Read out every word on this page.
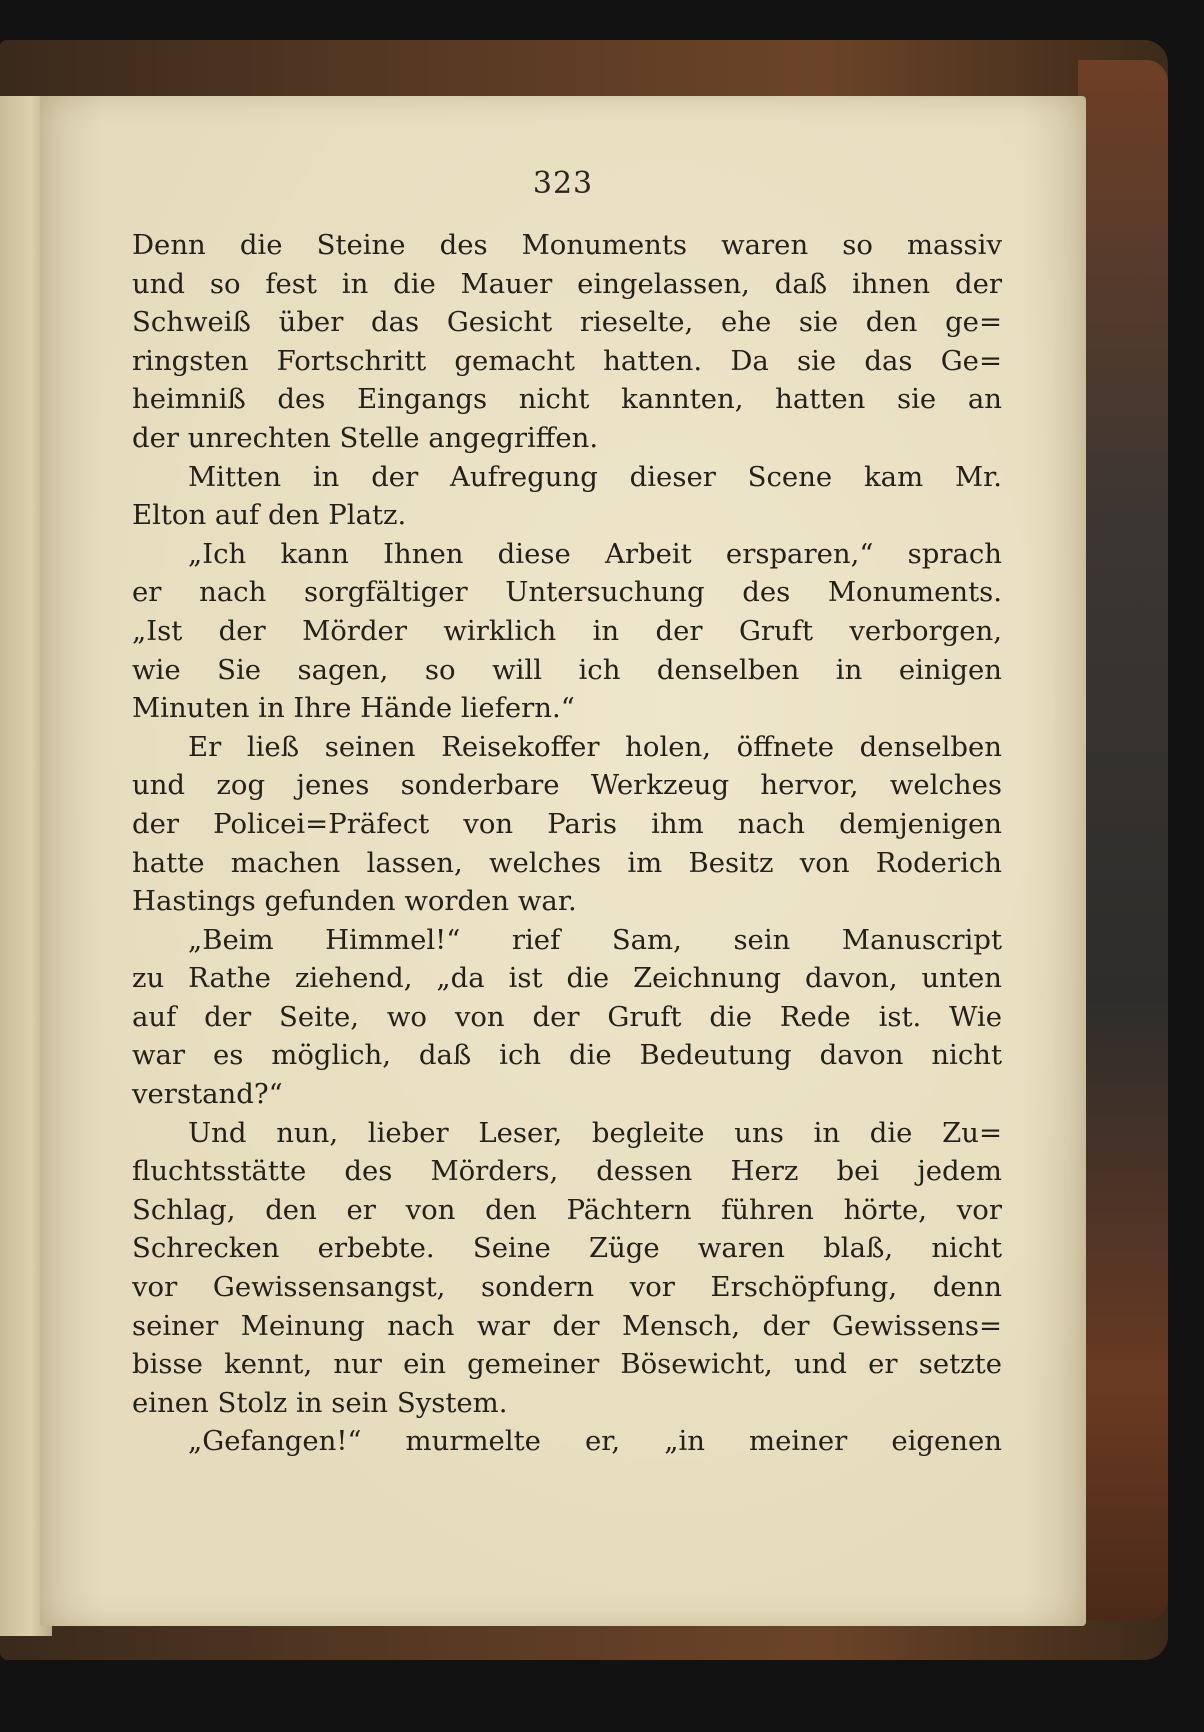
323
Denn die Steine des Monuments waren so massiv
und so fest in die Mauer eingelassen, daß ihnen der
Schweiß über das Gesicht rieselte, ehe sie den ge=
ringsten Fortschritt gemacht hatten. Da sie das Ge=
heimniß des Eingangs nicht kannten, hatten sie an
der unrechten Stelle angegriffen.
Mitten in der Aufregung dieser Scene kam Mr.
Elton auf den Platz.
„Ich kann Ihnen diese Arbeit ersparen,“ sprach
er nach sorgfältiger Untersuchung des Monuments.
„Ist der Mörder wirklich in der Gruft verborgen,
wie Sie sagen, so will ich denselben in einigen
Minuten in Ihre Hände liefern.“
Er ließ seinen Reisekoffer holen, öffnete denselben
und zog jenes sonderbare Werkzeug hervor, welches
der Policei=Präfect von Paris ihm nach demjenigen
hatte machen lassen, welches im Besitz von Roderich
Hastings gefunden worden war.
„Beim Himmel!“ rief Sam, sein Manuscript
zu Rathe ziehend, „da ist die Zeichnung davon, unten
auf der Seite, wo von der Gruft die Rede ist. Wie
war es möglich, daß ich die Bedeutung davon nicht
verstand?“
Und nun, lieber Leser, begleite uns in die Zu=
fluchtsstätte des Mörders, dessen Herz bei jedem
Schlag, den er von den Pächtern führen hörte, vor
Schrecken erbebte. Seine Züge waren blaß, nicht
vor Gewissensangst, sondern vor Erschöpfung, denn
seiner Meinung nach war der Mensch, der Gewissens=
bisse kennt, nur ein gemeiner Bösewicht, und er setzte
einen Stolz in sein System.
„Gefangen!“ murmelte er, „in meiner eigenen
